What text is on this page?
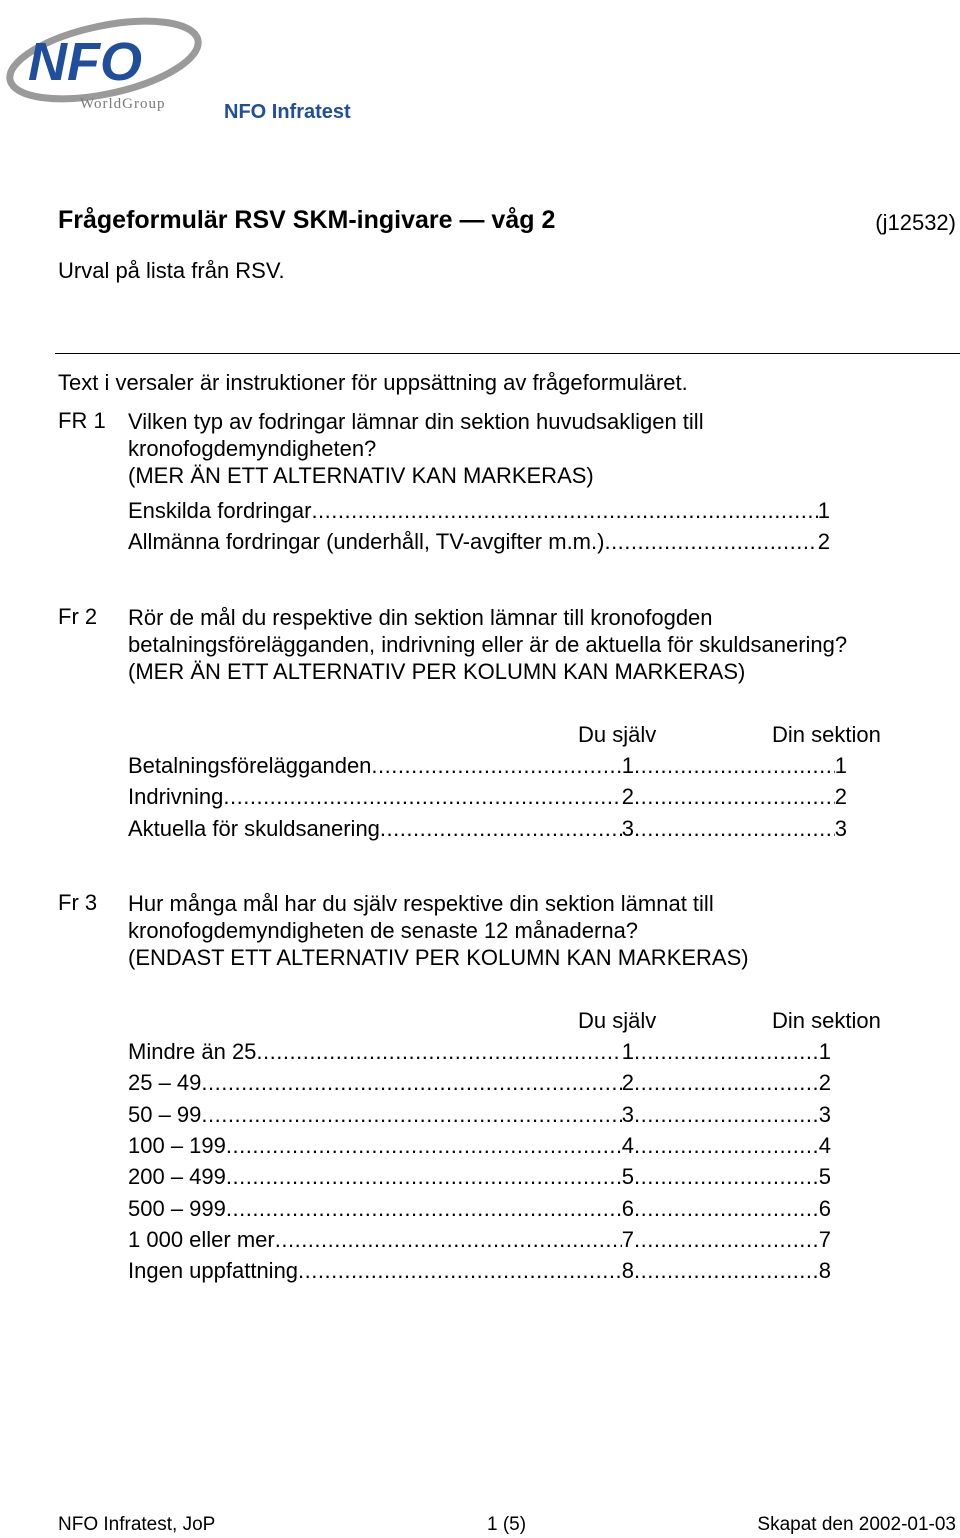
NFO
WorldGroup	NFO Infratest
Frågeformulär RSV SKM-ingivare — våg 2	(j12532)
Urval på lista från RSV.
Text i versaler är instruktioner för uppsättning av frågeformuläret.
FR 1 Vilken typ av fodringar lämnar din sektion huvudsakligen till
kronofogdemyndigheten?
(MER ÄN ETT ALTERNATIV KAN MARKERAS)
Enskilda fordringar .....	1
Allmänna fordringar (underhåll, TV-avgifter m.m.) .....	2
Fr 2 Rör de mål du respektive din sektion lämnar till kronofogden
betalningsförelägganden, indrivning eller är de aktuella för skuldsanering?
(MER ÄN ETT ALTERNATIV PER KOLUMN KAN MARKERAS)
Du själv	Din sektion
Betalningsförelägganden .....	1 .....	1
Indrivning .....	2 .....	2
Aktuella för skuldsanering .....	3 .....	3
Fr 3 Hur många mål har du själv respektive din sektion lämnat till
kronofogdemyndigheten de senaste 12 månaderna?
(ENDAST ETT ALTERNATIV PER KOLUMN KAN MARKERAS)
Du själv	Din sektion
Mindre än 25 .....	1 .....	1
25 – 49 .....	2 .....	2
50 – 99 .....	3 .....	3
100 – 199 .....	4 .....	4
200 – 499 .....	5 .....	5
500 – 999 .....	6 .....	6
1 000 eller mer .....	7 .....	7
Ingen uppfattning .....	8 .....	8
NFO Infratest, JoP	1 (5)	Skapat den 2002-01-03
